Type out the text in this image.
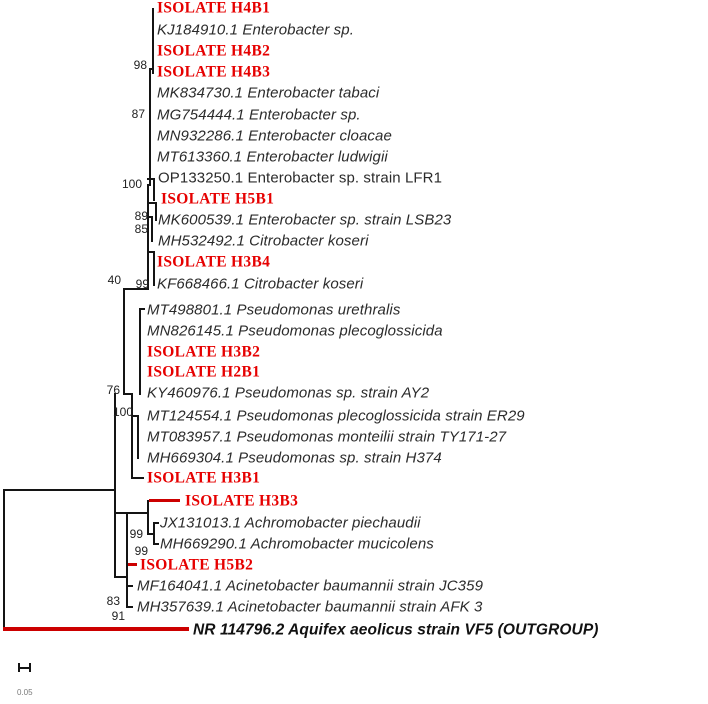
ISOLATE H4B1
KJ184910.1 Enterobacter sp.
ISOLATE H4B2
ISOLATE H4B3
MK834730.1 Enterobacter tabaci
MG754444.1 Enterobacter sp.
MN932286.1 Enterobacter cloacae
MT613360.1 Enterobacter ludwigii
OP133250.1 Enterobacter sp. strain LFR1
ISOLATE H5B1
MK600539.1 Enterobacter sp. strain LSB23
MH532492.1 Citrobacter koseri
ISOLATE H3B4
KF668466.1 Citrobacter koseri
MT498801.1 Pseudomonas urethralis
MN826145.1 Pseudomonas plecoglossicida
ISOLATE H3B2
ISOLATE H2B1
KY460976.1 Pseudomonas sp. strain AY2
MT124554.1 Pseudomonas plecoglossicida strain ER29
MT083957.1 Pseudomonas monteilii strain TY171-27
MH669304.1 Pseudomonas sp. strain H374
ISOLATE H3B1
ISOLATE H3B3
JX131013.1 Achromobacter piechaudii
MH669290.1 Achromobacter mucicolens
ISOLATE H5B2
MF164041.1 Acinetobacter baumannii strain JC359
MH357639.1 Acinetobacter baumannii strain AFK 3
NR 114796.2 Aquifex aeolicus strain VF5 (OUTGROUP)
98
87
100
89
85
40 99
76
100
99
99
83
91
0.05
